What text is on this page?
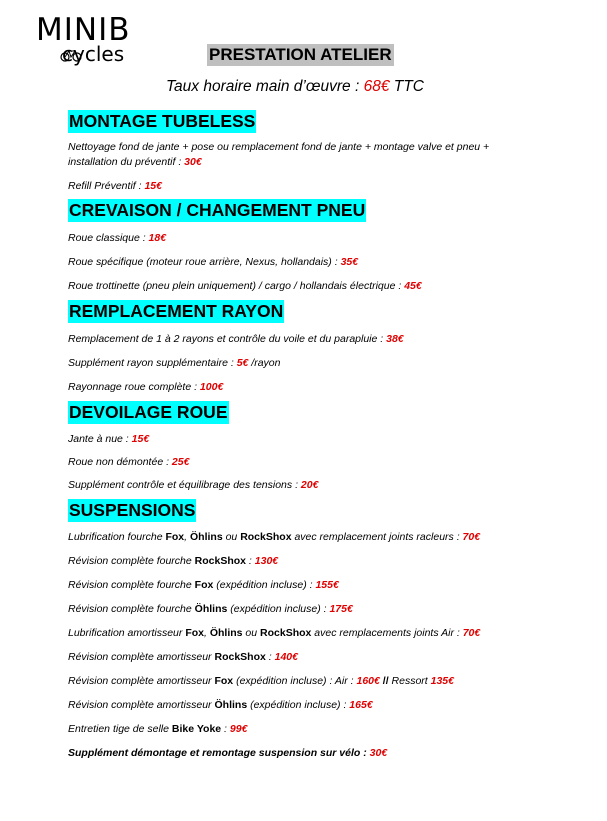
MINIB
cycles	PRESTATION ATELIER
Taux horaire main d’œuvre : 68€ TTC
MONTAGE TUBELESS

Nettoyage fond de jante + pose ou remplacement fond de jante + montage valve et pneu + installation du préventif : 30€

Refill Préventif : 15€

CREVAISON / CHANGEMENT PNEU

Roue classique : 18€

Roue spécifique (moteur roue arrière, Nexus, hollandais) : 35€

Roue trottinette (pneu plein uniquement) / cargo / hollandais électrique : 45€

REMPLACEMENT RAYON

Remplacement de 1 à 2 rayons et contrôle du voile et du parapluie : 38€

Supplément rayon supplémentaire : 5€ /rayon

Rayonnage roue complète : 100€

DEVOILAGE ROUE

Jante à nue : 15€

Roue non démontée : 25€

Supplément contrôle et équilibrage des tensions : 20€

SUSPENSIONS

Lubrification fourche Fox, Öhlins ou RockShox avec remplacement joints racleurs : 70€

Révision complète fourche RockShox : 130€

Révision complète fourche Fox (expédition incluse) : 155€

Révision complète fourche Öhlins (expédition incluse) : 175€

Lubrification amortisseur Fox, Öhlins ou RockShox avec remplacements joints Air : 70€

Révision complète amortisseur RockShox : 140€

Révision complète amortisseur Fox (expédition incluse) : Air : 160€ // Ressort 135€

Révision complète amortisseur Öhlins (expédition incluse) : 165€

Entretien tige de selle Bike Yoke : 99€

Supplément démontage et remontage suspension sur vélo : 30€
